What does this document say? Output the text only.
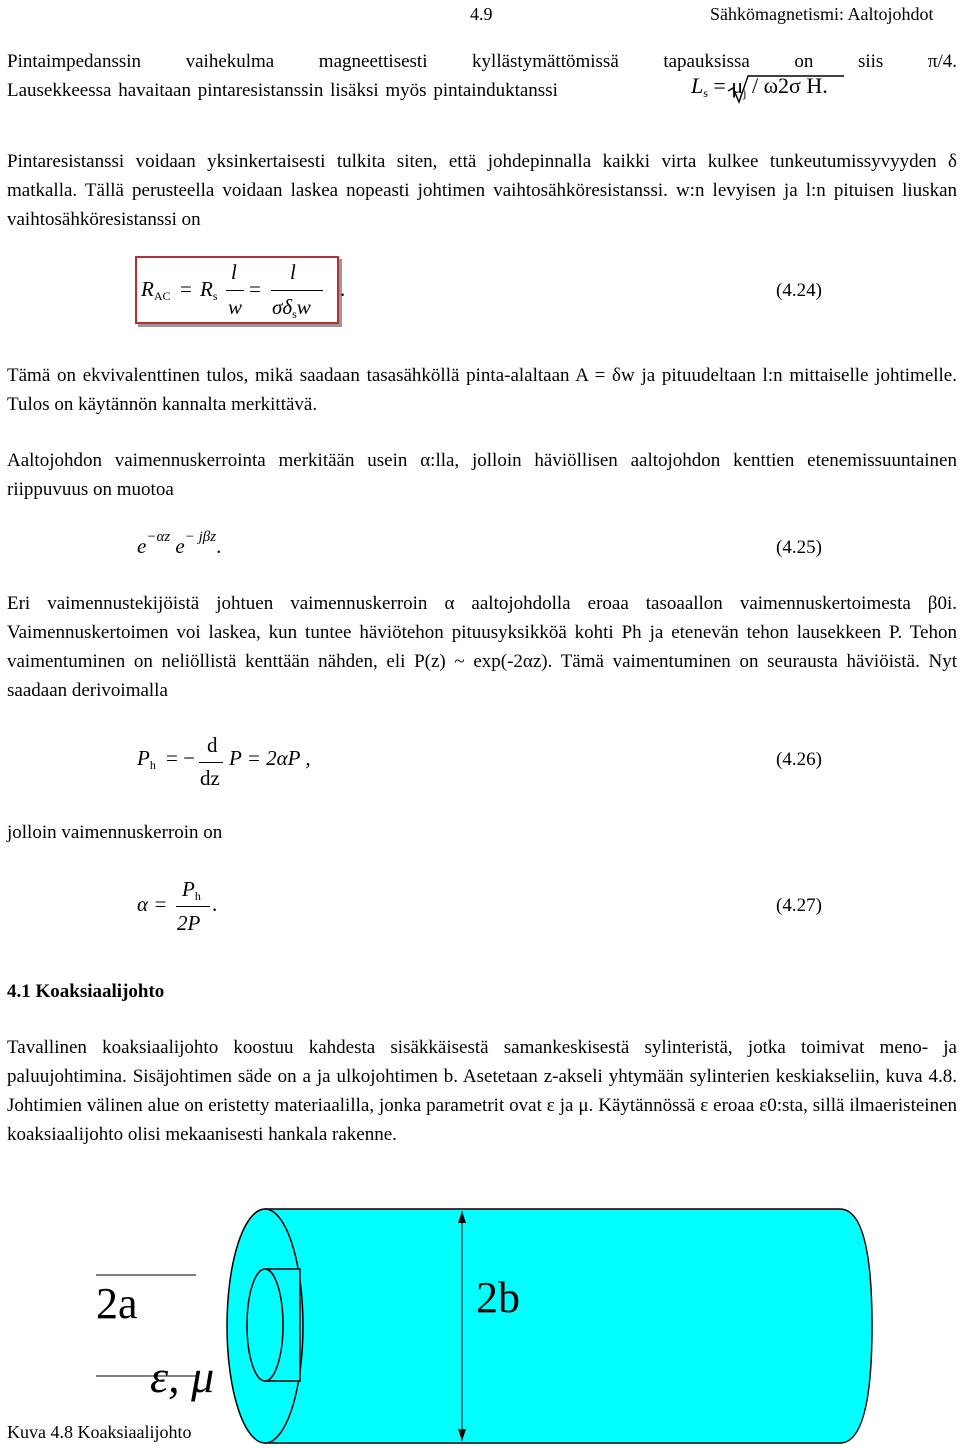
4.9	Sähkömagnetismi: Aaltojohdot
Pintaimpedanssin vaihekulma magneettisesti kyllästymättömissä tapauksissa on siis π/4.
Lausekkeessa havaitaan pintaresistanssin lisäksi myös pintainduktanssi	$L_s = \mu_j / \omega 2\sigma$ H.
Pintaresistanssi voidaan yksinkertaisesti tulkita siten, että johdepinnalla kaikki virta kulkee tunkeutumissyvyyden δ matkalla. Tällä perusteella voidaan laskea nopeasti johtimen vaihtosähköresistanssi. w:n levyisen ja l:n pituisen liuskan vaihtosähköresistanssi on
$R_{AC} = R_s$
l
w
=
l
$\sigma\delta_sw$
.	(4.24)
Tämä on ekvivalenttinen tulos, mikä saadaan tasasähköllä pinta-alaltaan A = δw ja pituudeltaan l:n mittaiselle johtimelle. Tulos on käytännön kannalta merkittävä.
Aaltojohdon vaimennuskerrointa merkitään usein α:lla, jolloin häviöllisen aaltojohdon kenttien etenemissuuntainen riippuvuus on muotoa
$e^{-\alpha z}$ $e^{- j\beta z}$.	(4.25)
Eri vaimennustekijöistä johtuen vaimennuskerroin α aaltojohdolla eroaa tasoaallon vaimennuskertoimesta β0i. Vaimennuskertoimen voi laskea, kun tuntee häviötehon pituusyksikköä kohti Ph ja etenevän tehon lausekkeen P. Tehon vaimentuminen on neliöllistä kenttään nähden, eli P(z) ~ exp(-2αz). Tämä vaimentuminen on seurausta häviöistä. Nyt saadaan derivoimalla
$P_h$ = −
d
dz
P = 2αP ,	(4.26)
jolloin vaimennuskerroin on
α =
$P_h$
2P
.	(4.27)
4.1 Koaksiaalijohto
Tavallinen koaksiaalijohto koostuu kahdesta sisäkkäisestä samankeskisestä sylinteristä, jotka toimivat meno- ja paluujohtimina. Sisäjohtimen säde on a ja ulkojohtimen b. Asetetaan z-akseli yhtymään sylinterien keskiakseliin, kuva 4.8. Johtimien välinen alue on eristetty materiaalilla, jonka parametrit ovat ε ja μ. Käytännössä ε eroaa ε0:sta, sillä ilmaeristeinen koaksiaalijohto olisi mekaanisesti hankala rakenne.
2a	2b
ε, μ
Kuva 4.8 Koaksiaalijohto
